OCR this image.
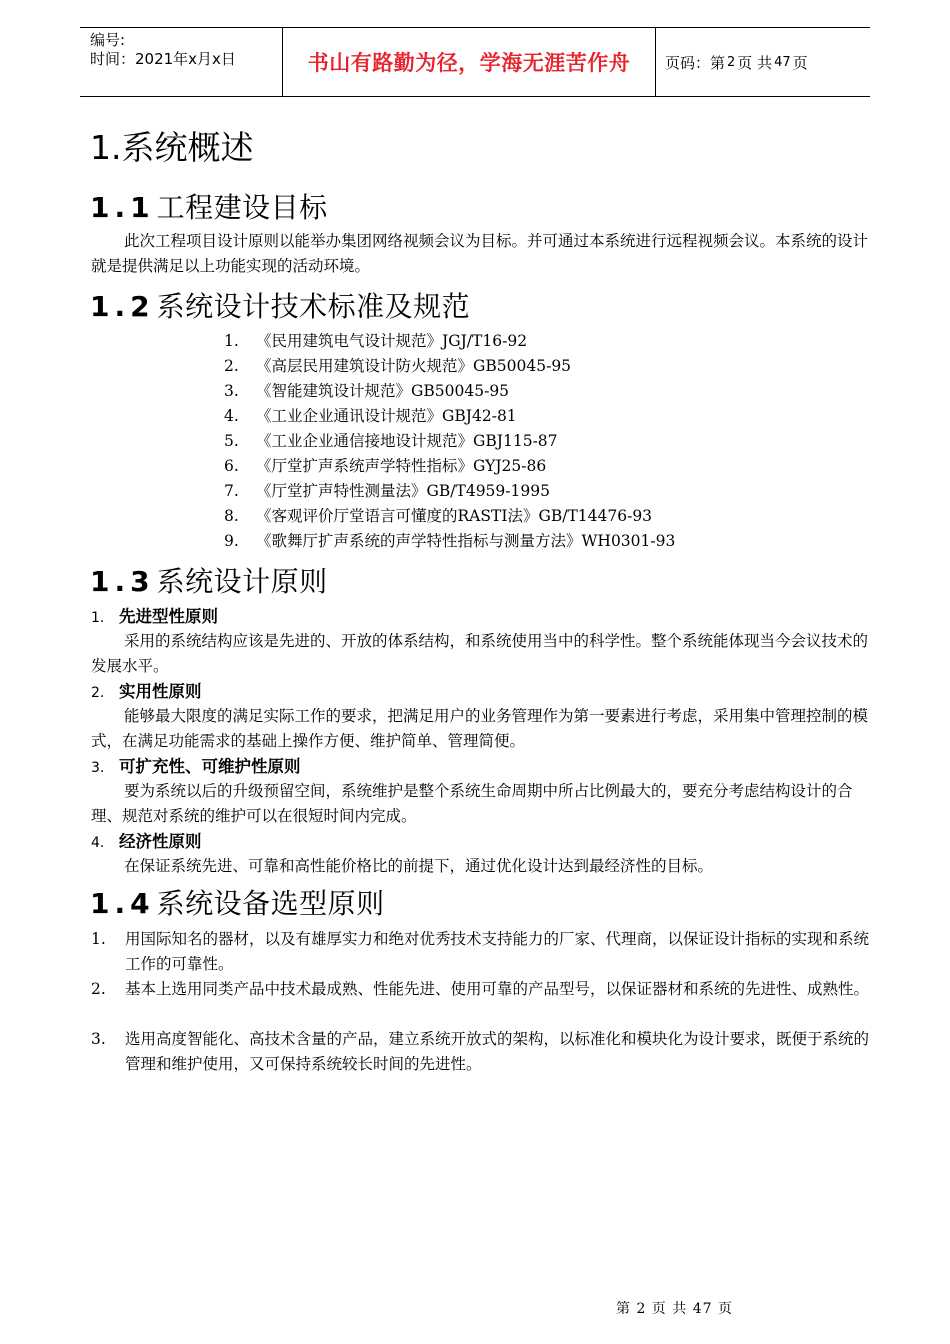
编号:
时间：2021年x月x日	书山有路勤为径，学海无涯苦作舟	页码：第 2 页 共 47 页
1.系统概述
1.1工程建设目标
此次工程项目设计原则以能举办集团网络视频会议为目标。并可通过本系统进行远程视频会议。本系统的设计就是提供满足以上功能实现的活动环境。
1.2系统设计技术标准及规范
1. 《民用建筑电气设计规范》JGJ/T16-92
2. 《高层民用建筑设计防火规范》GB50045-95
3. 《智能建筑设计规范》GB50045-95
4. 《工业企业通讯设计规范》GBJ42-81
5. 《工业企业通信接地设计规范》GBJ115-87
6. 《厅堂扩声系统声学特性指标》GYJ25-86
7. 《厅堂扩声特性测量法》GB/T4959-1995
8. 《客观评价厅堂语言可懂度的RASTI法》GB/T14476-93
9. 《歌舞厅扩声系统的声学特性指标与测量方法》WH0301-93
1.3系统设计原则
1. 先进型性原则
采用的系统结构应该是先进的、开放的体系结构，和系统使用当中的科学性。整个系统能体现当今会议技术的发展水平。
2. 实用性原则
能够最大限度的满足实际工作的要求，把满足用户的业务管理作为第一要素进行考虑，采用集中管理控制的模式，在满足功能需求的基础上操作方便、维护简单、管理简便。
3. 可扩充性、可维护性原则
要为系统以后的升级预留空间，系统维护是整个系统生命周期中所占比例最大的，要充分考虑结构设计的合理、规范对系统的维护可以在很短时间内完成。
4. 经济性原则
在保证系统先进、可靠和高性能价格比的前提下，通过优化设计达到最经济性的目标。
1.4系统设备选型原则
1.	用国际知名的器材，以及有雄厚实力和绝对优秀技术支持能力的厂家、代理商，以保证设计指标的实现和系统工作的可靠性。
2.	基本上选用同类产品中技术最成熟、性能先进、使用可靠的产品型号，以保证器材和系统的先进性、成熟性。
3.	选用高度智能化、高技术含量的产品，建立系统开放式的架构，以标准化和模块化为设计要求，既便于系统的管理和维护使用，又可保持系统较长时间的先进性。
第 2 页 共 47 页
